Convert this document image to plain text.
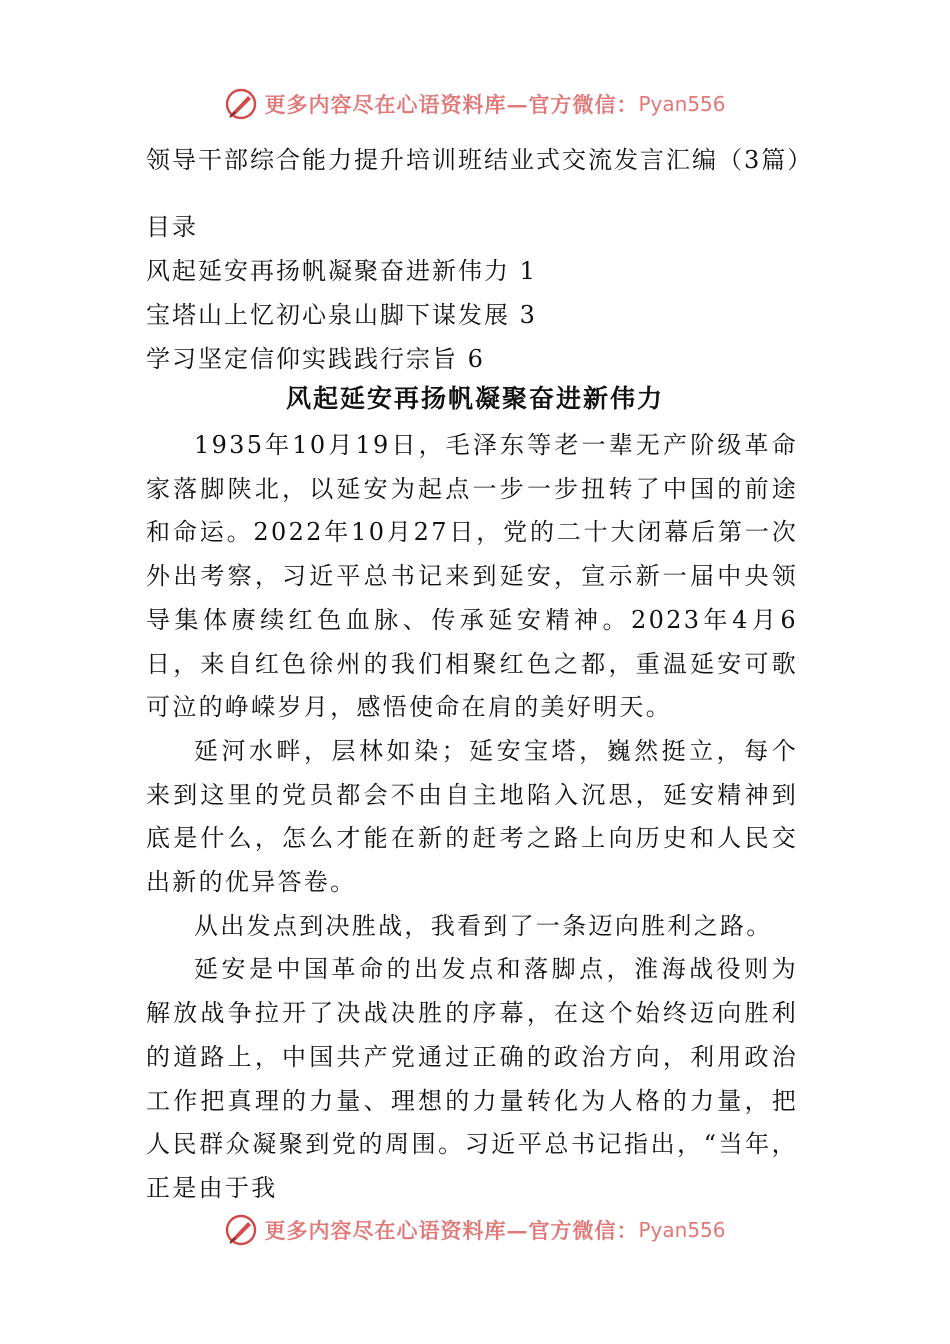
更多内容尽在心语资料库—官方微信： Pyan556
领导干部综合能力提升培训班结业式交流发言汇编（3篇）
目录
风起延安再扬帆凝聚奋进新伟力 1
宝塔山上忆初心泉山脚下谋发展 3
学习坚定信仰实践践行宗旨 6
风起延安再扬帆凝聚奋进新伟力

1935年10月19日，毛泽东等老一辈无产阶级革命家落脚陕北，以延安为起点一步一步扭转了中国的前途和命运。2022年10月27日，党的二十大闭幕后第一次外出考察，习近平总书记来到延安，宣示新一届中央领导集体赓续红色血脉、传承延安精神。2023年4月6日，来自红色徐州的我们相聚红色之都，重温延安可歌可泣的峥嵘岁月，感悟使命在肩的美好明天。

延河水畔，层林如染；延安宝塔，巍然挺立，每个来到这里的党员都会不由自主地陷入沉思，延安精神到底是什么，怎么才能在新的赶考之路上向历史和人民交出新的优异答卷。

从出发点到决胜战，我看到了一条迈向胜利之路。

延安是中国革命的出发点和落脚点，淮海战役则为解放战争拉开了决战决胜的序幕，在这个始终迈向胜利的道路上，中国共产党通过正确的政治方向，利用政治工作把真理的力量、理想的力量转化为人格的力量，把人民群众凝聚到党的周围。习近平总书记指出，“当年，正是由于我

更多内容尽在心语资料库—官方微信： Pyan556
